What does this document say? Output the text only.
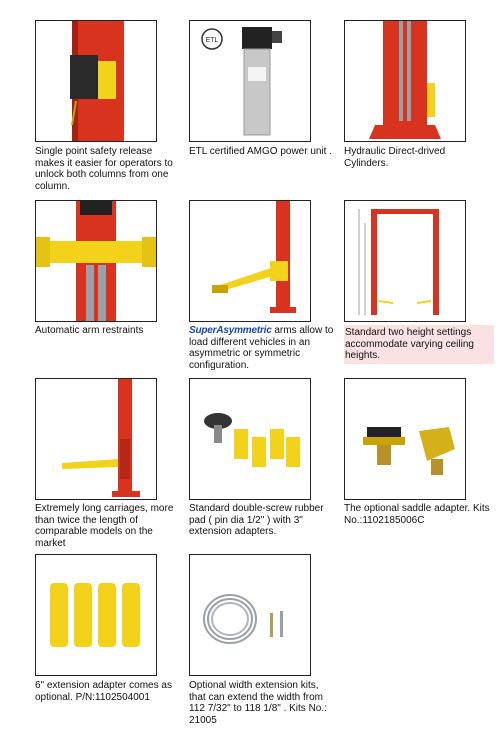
Single point safety release makes it easier for operators to unlock both columns from one column.
ETL
ETL certified AMGO power unit .	Hydraulic Direct-drived Cylinders.
Automatic arm restraints	SuperAsymmetric arms allow to load different vehicles in an asymmetric or symmetric configuration.
Standard two height settings accommodate varying ceiling heights.
Extremely long carriages, more than twice the length of comparable models on the market
Standard double-screw rubber pad ( pin dia 1/2" ) with 3" extension adapters.
The optional saddle adapter. Kits No.:1102185006C
6" extension adapter comes as optional. P/N:1102504001
Optional width extension kits, that can extend the width from 112 7/32" to 118 1/8" . Kits No.: 21005
